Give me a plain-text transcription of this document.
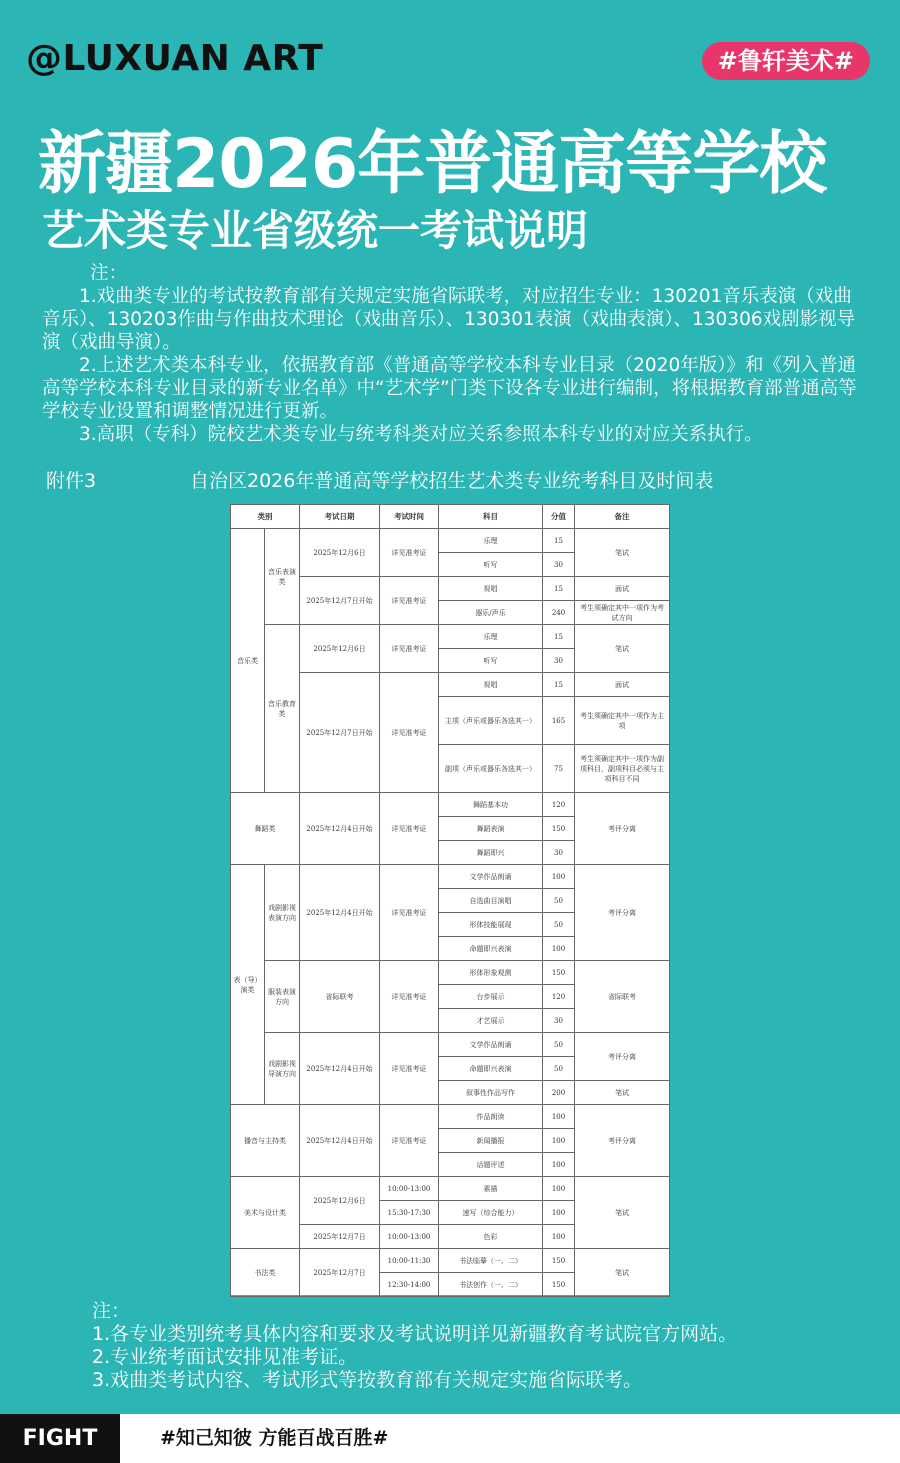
@LUXUAN ART	#鲁轩美术#
新疆2026年普通高等学校
艺术类专业省级统一考试说明

注：

1.戏曲类专业的考试按教育部有关规定实施省际联考，对应招生专业：130201音乐表演（戏曲音乐）、130203作曲与作曲技术理论（戏曲音乐）、130301表演（戏曲表演）、130306戏剧影视导演（戏曲导演）。

2.上述艺术类本科专业，依据教育部《普通高等学校本科专业目录（2020年版）》和《列入普通高等学校本科专业目录的新专业名单》中“艺术学”门类下设各专业进行编制，将根据教育部普通高等学校专业设置和调整情况进行更新。

3.高职（专科）院校艺术类专业与统考科类对应关系参照本科专业的对应关系执行。

附件3	自治区2026年普通高等学校招生艺术类专业统考科目及时间表
类别		考试日期	考试时间	科目	分值	备注
音乐类	音乐表演类	2025年12月6日	详见准考证	乐理	15	笔试
				听写	30	
		2025年12月7日开始	详见准考证	视唱	15	面试
				器乐/声乐	240	考生须确定其中一项作为考试方向
	音乐教育类	2025年12月6日	详见准考证	乐理	15	笔试
				听写	30	
		2025年12月7日开始	详见准考证	视唱	15	面试
				主项（声乐或器乐各选其一）	165	考生须确定其中一项作为主项

				副项（声乐或器乐各选其一）	75	考生须确定其中一项作为副项科目，副项科目必须与主项科目不同

舞蹈类		2025年12月4日开始	详见准考证	舞蹈基本功	120	考评分离
				舞蹈表演	150	
				舞蹈即兴	30	
表（导）演类	戏剧影视表演方向	2025年12月4日开始	详见准考证	文学作品朗诵	100	考评分离
				自选曲目演唱	50	
				形体技能展现	50	
				命题即兴表演	100	
	服装表演方向	省际联考	详见准考证	形体形象观测	150	省际联考
				台步展示	120	
				才艺展示	30	
	戏剧影视导演方向	2025年12月4日开始	详见准考证	文学作品朗诵	50	考评分离
				命题即兴表演	50	
				叙事性作品写作	200	笔试
播音与主持类		2025年12月4日开始	详见准考证	作品朗读	100	考评分离
				新闻播报	100	
				话题评述	100	
美术与设计类		2025年12月6日	10:00-13:00	素描	100	笔试
			15:30-17:30	速写（综合能力）	100	
		2025年12月7日	10:00-13:00	色彩	100	
书法类		2025年12月7日	10:00-11:30	书法临摹（一、二）	150	笔试
			12:30-14:00	书法创作（一、二）	150	

注：

1.各专业类别统考具体内容和要求及考试说明详见新疆教育考试院官方网站。

2.专业统考面试安排见准考证。

3.戏曲类考试内容、考试形式等按教育部有关规定实施省际联考。

FIGHT	#知己知彼 方能百战百胜#
